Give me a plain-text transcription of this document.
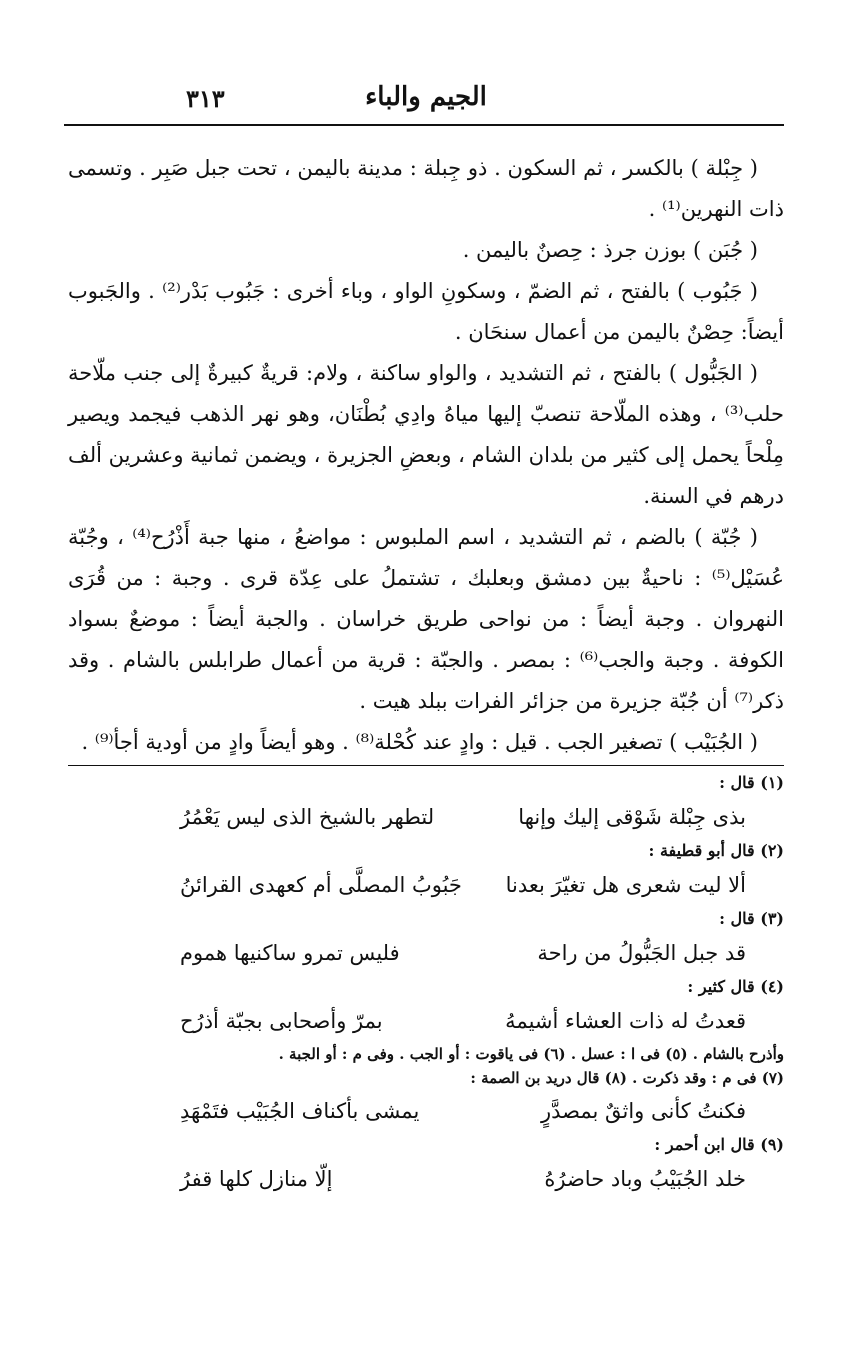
الجيم والباء
٣١٣

( جِبْلة ) بالكسر ، ثم السكون . ذو جِبلة : مدينة باليمن ، تحت جبل صَبِر . وتسمى ذات النهرين⁽¹⁾ .

( جُبَن ) بوزن جرذ : حِصنٌ باليمن .

( جَبُوب ) بالفتح ، ثم الضمّ ، وسكونِ الواو ، وباء أخرى : جَبُوب بَدْر⁽²⁾ . والجَبوب أيضاً: حِصْنٌ باليمن من أعمال سنحَان .

( الجَبُّول ) بالفتح ، ثم التشديد ، والواو ساكنة ، ولام: قريةٌ كبيرةٌ إلى جنب ملّاحة حلب⁽³⁾ ، وهذه الملّاحة تنصبّ إليها مياهُ وادِي بُطْنَان، وهو نهر الذهب فيجمد ويصير مِلْحاً يحمل إلى كثير من بلدان الشام ، وبعضِ الجزيرة ، ويضمن ثمانية وعشرين ألف درهم في السنة.

( جُبّة ) بالضم ، ثم التشديد ، اسم الملبوس : مواضعُ ، منها جبة أَذْرُح⁽⁴⁾ ، وجُبّة عُسَيْل⁽⁵⁾ : ناحيةٌ بين دمشق وبعلبك ، تشتملُ على عِدّة قرى . وجبة : من قُرَى النهروان . وجبة أيضاً : من نواحى طريق خراسان . والجبة أيضاً : موضعٌ بسواد الكوفة . وجبة والجب⁽⁶⁾ : بمصر . والجبّة : قرية من أعمال طرابلس بالشام . وقد ذكر⁽⁷⁾ أن جُبّة جزيرة من جزائر الفرات ببلد هيت .

( الجُبَيْب ) تصغير الجب . قيل : وادٍ عند كُحْلة⁽⁸⁾ . وهو أيضاً وادٍ من أودية أجأ⁽⁹⁾ .

(١) قال :

بذى جِبْلة شَوْقى إليك وإنها
لتطهر بالشيخ الذى ليس يَعْمُرُ

(٢) قال أبو قطيفة :

ألا ليت شعرى هل تغيّرَ بعدنا
جَبُوبُ المصلَّى أم كعهدى القرائنُ

(٣) قال :

قد جبل الجَبُّولُ من راحة
فليس تمرو ساكنيها هموم

(٤) قال كثير :

قعدتُ له ذات العشاء أشيمهُ
بمرّ وأصحابى بجبّة أذرُح
وأذرح بالشام . (٥) فى ا : عسل . (٦) فى ياقوت : أو الجب . وفى م : أو الجبة .
(٧) فى م : وقد ذكرت . (٨) قال دريد بن الصمة :
فكنتُ كأنى واثقٌ بمصدَّرٍ
يمشى بأكناف الجُبَيْب فتَمْهَدِ

(٩) قال ابن أحمر :

خلد الجُبَيْبُ وباد حاضرُهُ
إلّا منازل كلها قفرُ
